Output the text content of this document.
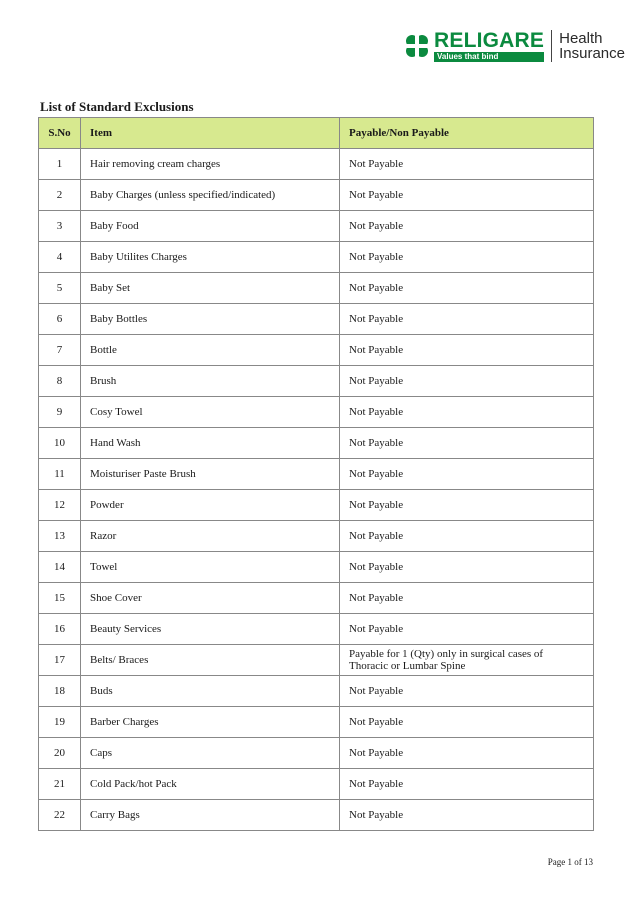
RELIGARE
Values that bind
Health
Insurance
List of Standard Exclusions
S.No	Item	Payable/Non Payable
1	Hair removing cream charges	Not Payable
2	Baby Charges (unless specified/indicated)	Not Payable
3	Baby Food	Not Payable
4	Baby Utilites Charges	Not Payable
5	Baby Set	Not Payable
6	Baby Bottles	Not Payable
7	Bottle	Not Payable
8	Brush	Not Payable
9	Cosy Towel	Not Payable
10	Hand Wash	Not Payable
11	Moisturiser Paste Brush	Not Payable
12	Powder	Not Payable
13	Razor	Not Payable
14	Towel	Not Payable
15	Shoe Cover	Not Payable
16	Beauty Services	Not Payable
17	Belts/ Braces	Payable for 1 (Qty) only in surgical cases of Thoracic or Lumbar Spine
18	Buds	Not Payable
19	Barber Charges	Not Payable
20	Caps	Not Payable
21	Cold Pack/hot Pack	Not Payable
22	Carry Bags	Not Payable
Page 1 of 13
